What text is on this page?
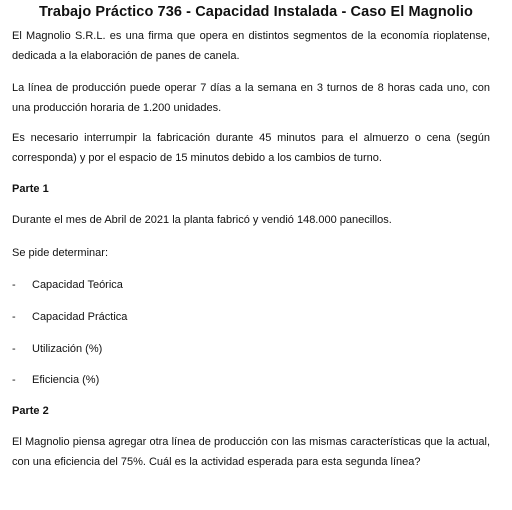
Trabajo Práctico 736 - Capacidad Instalada - Caso El Magnolio

El Magnolio S.R.L. es una firma que opera en distintos segmentos de la economía rioplatense, dedicada a la elaboración de panes de canela.

La línea de producción puede operar 7 días a la semana en 3 turnos de 8 horas cada uno, con una producción horaria de 1.200 unidades.

Es necesario interrumpir la fabricación durante 45 minutos para el almuerzo o cena (según corresponda) y por el espacio de 15 minutos debido a los cambios de turno.

Parte 1

Durante el mes de Abril de 2021 la planta fabricó y vendió 148.000 panecillos.

Se pide determinar:

-	Capacidad Teórica
-	Capacidad Práctica
-	Utilización (%)
-	Eficiencia (%)
Parte 2

El Magnolio piensa agregar otra línea de producción con las mismas características que la actual, con una eficiencia del 75%. Cuál es la actividad esperada para esta segunda línea?
